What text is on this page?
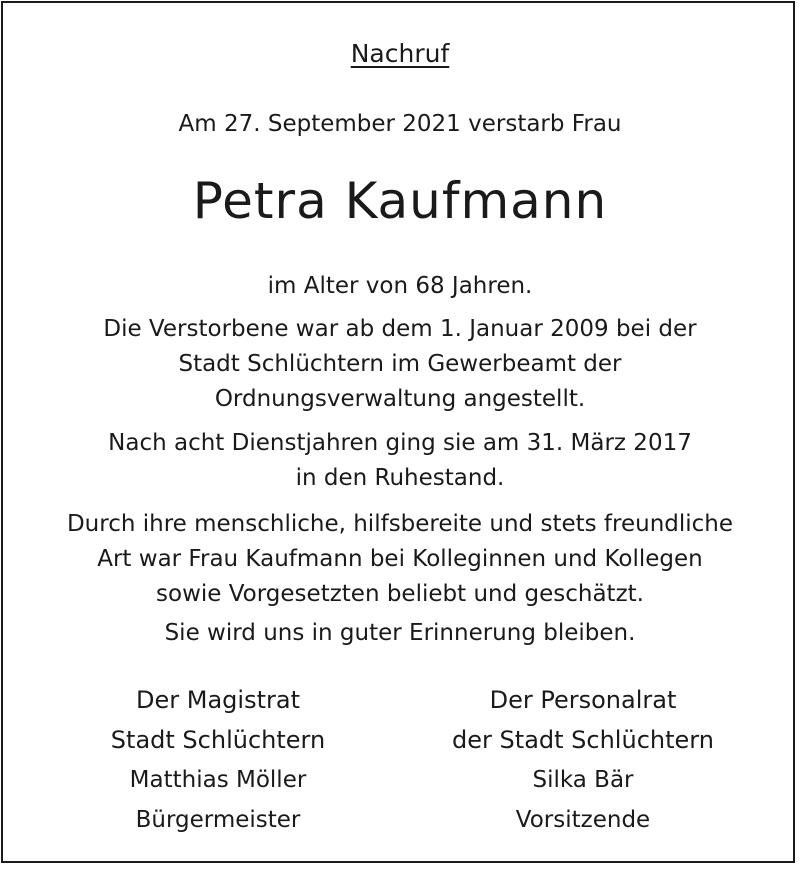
Nachruf
Am 27. September 2021 verstarb Frau
Petra Kaufmann
im Alter von 68 Jahren.
Die Verstorbene war ab dem 1. Januar 2009 bei der
Stadt Schlüchtern im Gewerbeamt der
Ordnungsverwaltung angestellt.
Nach acht Dienstjahren ging sie am 31. März 2017
in den Ruhestand.
Durch ihre menschliche, hilfsbereite und stets freundliche
Art war Frau Kaufmann bei Kolleginnen und Kollegen
sowie Vorgesetzten beliebt und geschätzt.
Sie wird uns in guter Erinnerung bleiben.
Der Magistrat
Stadt Schlüchtern
Matthias Möller
Bürgermeister
Der Personalrat
der Stadt Schlüchtern
Silka Bär
Vorsitzende
